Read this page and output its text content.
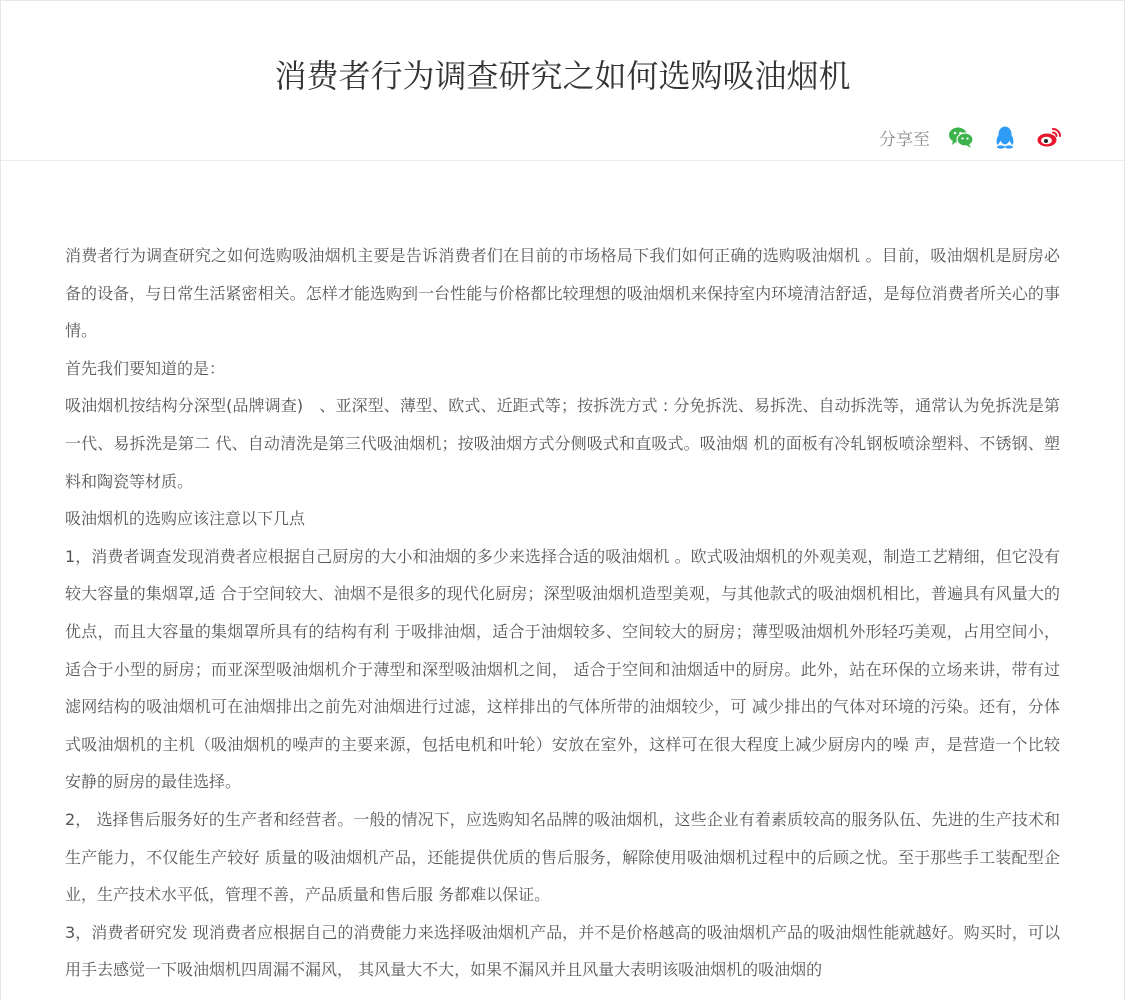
消费者行为调查研究之如何选购吸油烟机
分享至

消费者行为调查研究之如何选购吸油烟机主要是告诉消费者们在目前的市场格局下我们如何正确的选购吸油烟机 。目前，吸油烟机是厨房必备的设备，与日常生活紧密相关。怎样才能选购到一台性能与价格都比较理想的吸油烟机来保持室内环境清洁舒适，是每位消费者所关心的事情。

首先我们要知道的是：

吸油烟机按结构分深型(品牌调查)　、亚深型、薄型、欧式、近距式等；按拆洗方式 : 分免拆洗、易拆洗、自动拆洗等，通常认为免拆洗是第一代、易拆洗是第二 代、自动清洗是第三代吸油烟机；按吸油烟方式分侧吸式和直吸式。吸油烟 机的面板有冷轧钢板喷涂塑料、不锈钢、塑料和陶瓷等材质。

吸油烟机的选购应该注意以下几点

1，消费者调查发现消费者应根据自己厨房的大小和油烟的多少来选择合适的吸油烟机 。欧式吸油烟机的外观美观，制造工艺精细，但它没有较大容量的集烟罩,适 合于空间较大、油烟不是很多的现代化厨房；深型吸油烟机造型美观，与其他款式的吸油烟机相比，普遍具有风量大的优点，而且大容量的集烟罩所具有的结构有利 于吸排油烟，适合于油烟较多、空间较大的厨房；薄型吸油烟机外形轻巧美观，占用空间小，适合于小型的厨房；而亚深型吸油烟机介于薄型和深型吸油烟机之间， 适合于空间和油烟适中的厨房。此外，站在环保的立场来讲，带有过滤网结构的吸油烟机可在油烟排出之前先对油烟进行过滤，这样排出的气体所带的油烟较少，可 减少排出的气体对环境的污染。还有，分体式吸油烟机的主机（吸油烟机的噪声的主要来源，包括电机和叶轮）安放在室外，这样可在很大程度上减少厨房内的噪 声，是营造一个比较安静的厨房的最佳选择。

2， 选择售后服务好的生产者和经营者。一般的情况下，应选购知名品牌的吸油烟机，这些企业有着素质较高的服务队伍、先进的生产技术和生产能力，不仅能生产较好 质量的吸油烟机产品，还能提供优质的售后服务，解除使用吸油烟机过程中的后顾之忧。至于那些手工装配型企业，生产技术水平低，管理不善，产品质量和售后服 务都难以保证。

3，消费者研究发 现消费者应根据自己的消费能力来选择吸油烟机产品，并不是价格越高的吸油烟机产品的吸油烟性能就越好。购买时，可以用手去感觉一下吸油烟机四周漏不漏风， 其风量大不大，如果不漏风并且风量大表明该吸油烟机的吸油烟的
